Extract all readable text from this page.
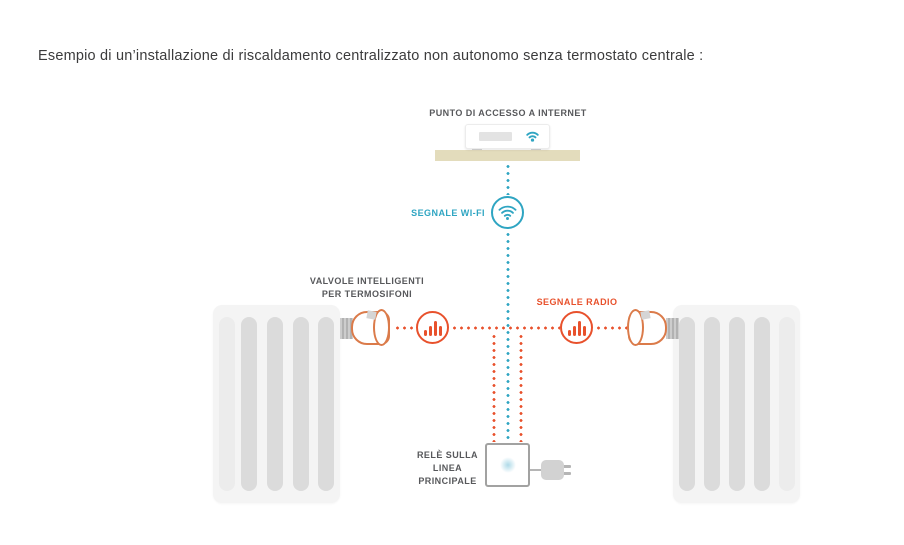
Esempio di un’installazione di riscaldamento centralizzato non autonomo senza termostato centrale :
PUNTO DI ACCESSO A INTERNET
SEGNALE WI-FI
VALVOLE INTELLIGENTI
PER TERMOSIFONI
SEGNALE RADIO
RELÈ SULLA
LINEA
PRINCIPALE
